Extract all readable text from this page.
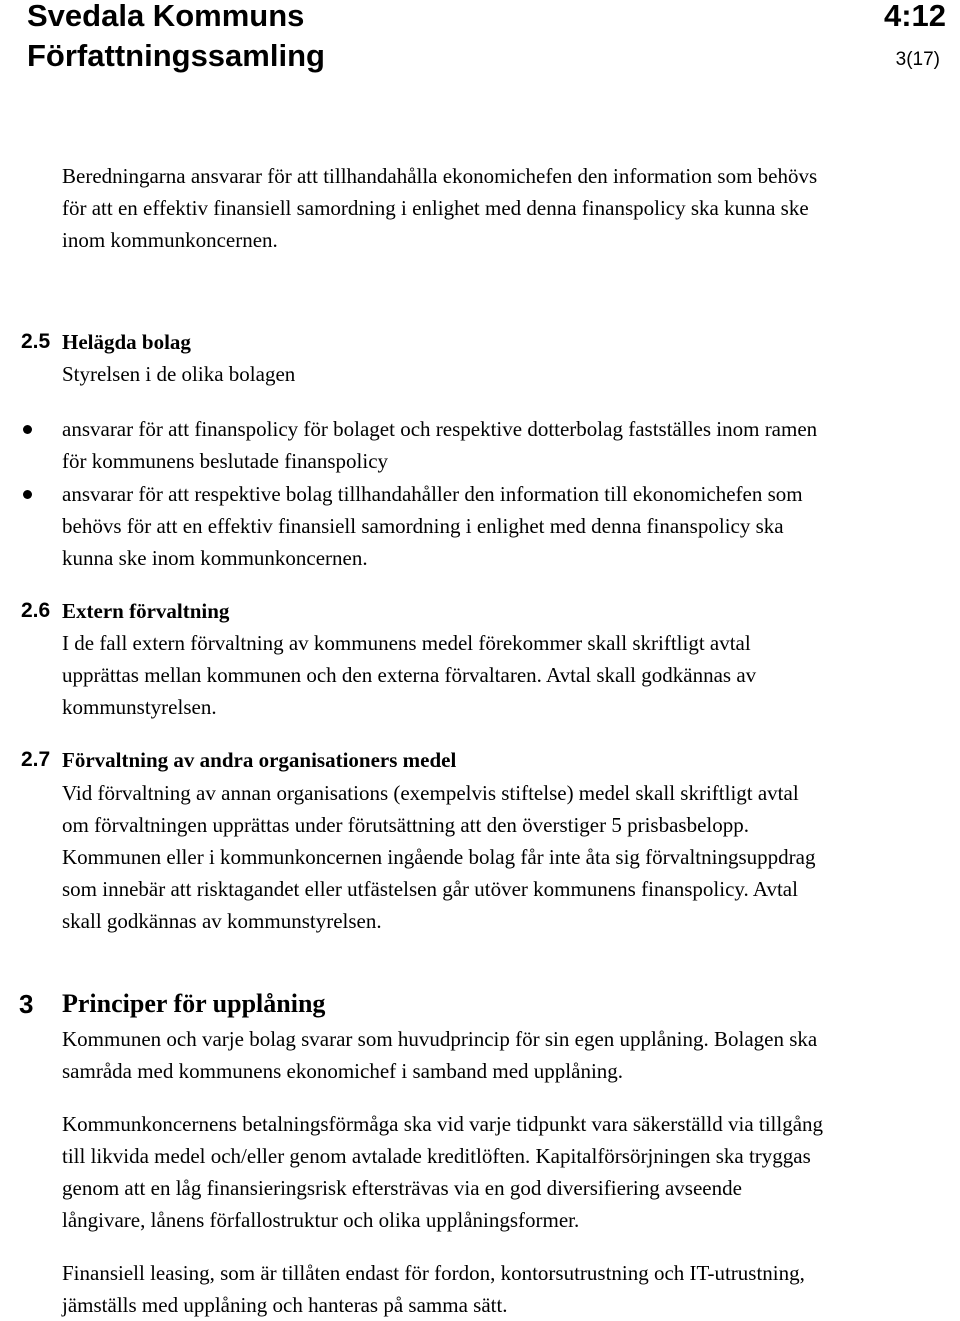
Svedala Kommuns
Författningssamling
4:12
3(17)
Beredningarna ansvarar för att tillhandahålla ekonomichefen den information som behövs
för att en effektiv finansiell samordning i enlighet med denna finanspolicy ska kunna ske
inom kommunkoncernen.
2.5 Helägda bolag
Styrelsen i de olika bolagen
ansvarar för att finanspolicy för bolaget och respektive dotterbolag fastställes inom ramen
för kommunens beslutade finanspolicy
ansvarar för att respektive bolag tillhandahåller den information till ekonomichefen som
behövs för att en effektiv finansiell samordning i enlighet med denna finanspolicy ska
kunna ske inom kommunkoncernen.
2.6 Extern förvaltning
I de fall extern förvaltning av kommunens medel förekommer skall skriftligt avtal
upprättas mellan kommunen och den externa förvaltaren. Avtal skall godkännas av
kommunstyrelsen.
2.7 Förvaltning av andra organisationers medel
Vid förvaltning av annan organisations (exempelvis stiftelse) medel skall skriftligt avtal
om förvaltningen upprättas under förutsättning att den överstiger 5 prisbasbelopp.
Kommunen eller i kommunkoncernen ingående bolag får inte åta sig förvaltningsuppdrag
som innebär att risktagandet eller utfästelsen går utöver kommunens finanspolicy. Avtal
skall godkännas av kommunstyrelsen.
3 Principer för upplåning
Kommunen och varje bolag svarar som huvudprincip för sin egen upplåning. Bolagen ska
samråda med kommunens ekonomichef i samband med upplåning.
Kommunkoncernens betalningsförmåga ska vid varje tidpunkt vara säkerställd via tillgång
till likvida medel och/eller genom avtalade kreditlöften. Kapitalförsörjningen ska tryggas
genom att en låg finansieringsrisk eftersträvas via en god diversifiering avseende
långivare, lånens förfallostruktur och olika upplåningsformer.
Finansiell leasing, som är tillåten endast för fordon, kontorsutrustning och IT-utrustning,
jämställs med upplåning och hanteras på samma sätt.
